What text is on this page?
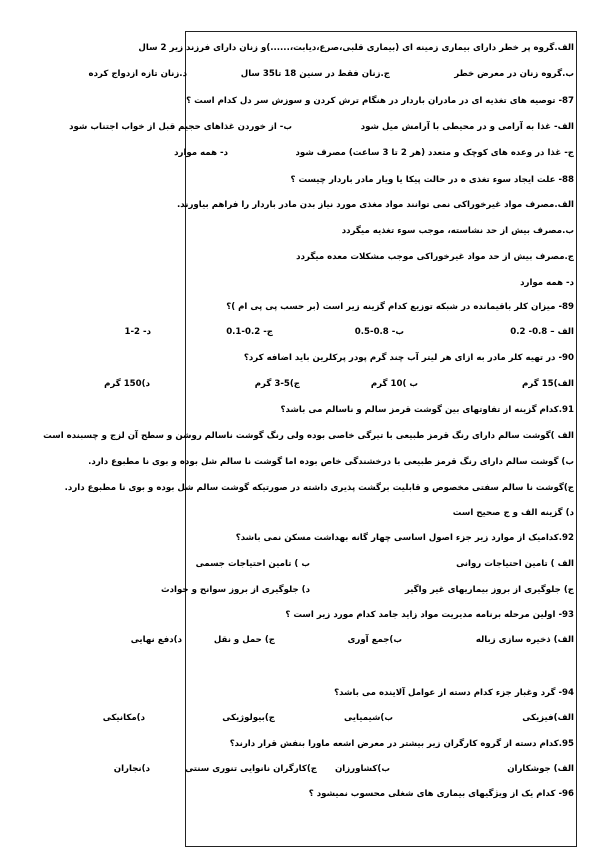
الف.گروه پر خطر دارای بیماری زمینه ای (بیماری قلبی،صرع،دیابت،......)و زنان دارای فرزند زیر 2 سال
ب.گروه زنان در معرض خطر
ج.زنان فقط در سنین 18 تا35 سال
د.زنان تازه ازدواج کرده
87- توصیه های تغذیه ای در مادران باردار در هنگام ترش کردن و سوزش سر دل کدام است ؟
الف- غذا به آرامی و در محیطی با آرامش میل شود
ب- از خوردن غذاهای حجیم قبل از خواب اجتناب شود
ج- غذا در وعده های کوچک و متعدد (هر 2 تا 3 ساعت) مصرف شود
د- همه موارد
88- علت ایجاد سوء تغذی ه در حالت پیکا یا ویار مادر باردار چیست ؟
الف.مصرف مواد غیرخوراکی نمی توانند مواد مغذی مورد نیاز بدن مادر باردار را فراهم بیاورند.
ب.مصرف بیش از حد نشاسته، موجب سوء تغذیه میگردد
ج.مصرف بیش از حد مواد غیرخوراکی موجب مشکلات معده میگردد
د- همه موارد
89- میزان کلر باقیمانده در شبکه توزیع کدام گزینه زیر است (بر حسب پی پی ام )؟
الف – 0.8- 0.2
ب- 0.8-0.5
ج- 0.2-0.1
د- 2-1
90- در تهیه کلر مادر به ازای هر لیتر آب چند گرم پودر پرکلرین باید اضافه کرد؟
الف)15 گرم
ب )10 گرم
ج)5-3 گرم
د)150 گرم
91.کدام گزینه از تفاوتهای بین گوشت قرمز سالم و ناسالم می باشد؟
الف )گوشت سالم دارای رنگ قرمز طبیعی با تیرگی خاصی بوده ولی رنگ گوشت ناسالم روشن و سطح آن لزج و چسبنده است
ب) گوشت سالم دارای رنگ قرمز طبیعی با درخشندگی خاص بوده اما گوشت نا سالم شل بوده و بوی نا مطبوع دارد.
ج)گوشت نا سالم سفتی مخصوص و قابلیت برگشت پذیری داشته در صورتیکه گوشت سالم شل بوده و بوی نا مطبوع دارد.
د) گزینه الف و ج صحیح است
92.کدامیک از موارد زیر جزء اصول اساسی چهار گانه بهداشت مسکن نمی باشد؟
الف ) تامین احتیاجات روانی
ب ) تامین احتیاجات جسمی
ج) جلوگیری از بروز بیماریهای غیر واگیر
د) جلوگیری از بروز سوانح و حوادث
93- اولین مرحله برنامه مدیریت مواد زاید جامد کدام مورد زیر است ؟
الف) ذخیره سازی زباله
ب)جمع آوری
ج) حمل و نقل
د)دفع نهایی
94- گرد وغبار جزء کدام دسته از عوامل آلاینده می باشد؟
الف)فیزیکی
ب)شیمیایی
ج)بیولوژیکی
د)مکانیکی
95.کدام دسته از گروه کارگران زیر بیشتر در معرض اشعه ماورا بنفش قرار دارند؟
الف) جوشکاران
ب)کشاورزان
ج)کارگران نانوایی تنوری سنتی
د)نجاران
96- کدام یک از ویژگیهای بیماری های شغلی محسوب نمیشود ؟
